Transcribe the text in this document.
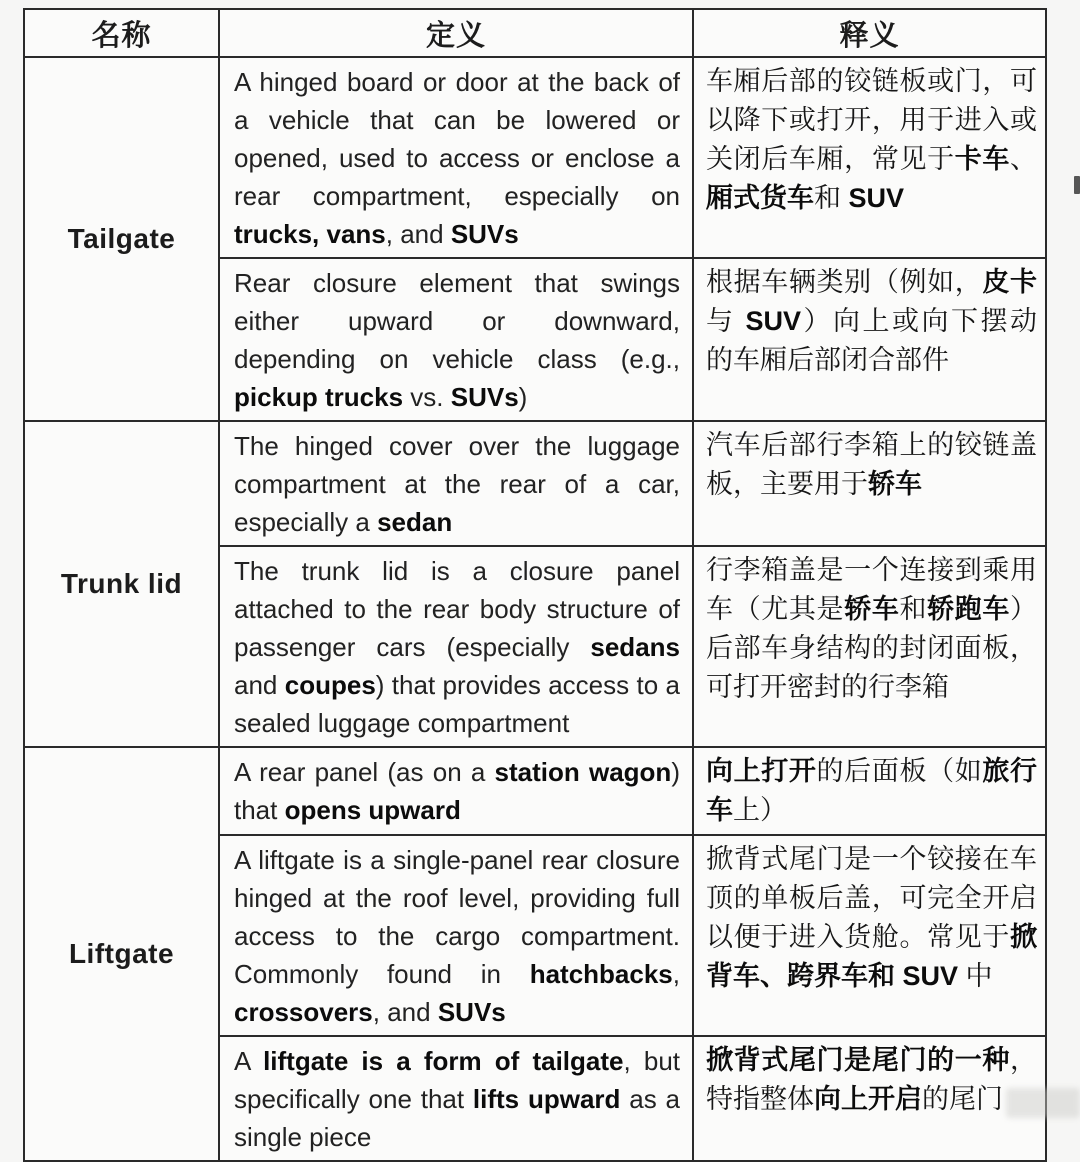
名称	定义	释义
Tailgate	A hinged board or door at the back of a vehicle that can be lowered or opened, used to access or enclose a rear compartment, especially on trucks, vans, and SUVs	车厢后部的铰链板或门，可以降下或打开，用于进入或关闭后车厢，常见于卡车、厢式货车和 SUV
	Rear closure element that swings either upward or downward, depending on vehicle class (e.g., pickup trucks vs. SUVs)	根据车辆类别（例如，皮卡与 SUV）向上或向下摆动的车厢后部闭合部件
Trunk lid	The hinged cover over the luggage compartment at the rear of a car, especially a sedan	汽车后部行李箱上的铰链盖板，主要用于轿车
	The trunk lid is a closure panel attached to the rear body structure of passenger cars (especially sedans and coupes) that provides access to a sealed luggage compartment	行李箱盖是一个连接到乘用车（尤其是轿车和轿跑车）后部车身结构的封闭面板，可打开密封的行李箱
Liftgate	A rear panel (as on a station wagon) that opens upward	向上打开的后面板（如旅行车上）
	A liftgate is a single-panel rear closure hinged at the roof level, providing full access to the cargo compartment. Commonly found in hatchbacks, crossovers, and SUVs	掀背式尾门是一个铰接在车顶的单板后盖，可完全开启以便于进入货舱。常见于掀背车、跨界车和 SUV 中
	A liftgate is a form of tailgate, but specifically one that lifts upward as a single piece	掀背式尾门是尾门的一种，特指整体向上开启的尾门
